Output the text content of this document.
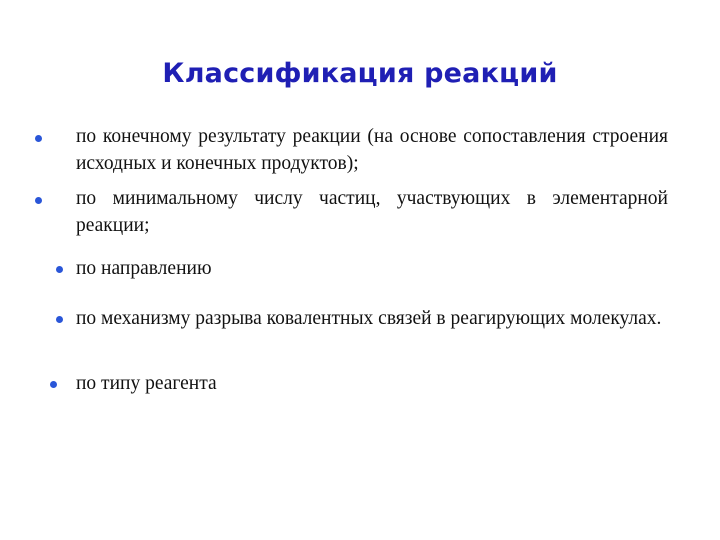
Классификация реакций
по конечному результату реакции (на основе сопоставления строения исходных и конечных продуктов);
по минимальному числу частиц, участвующих в элементарной реакции;
по направлению
по механизму разрыва ковалентных связей в реагирующих молекулах.
по типу реагента
